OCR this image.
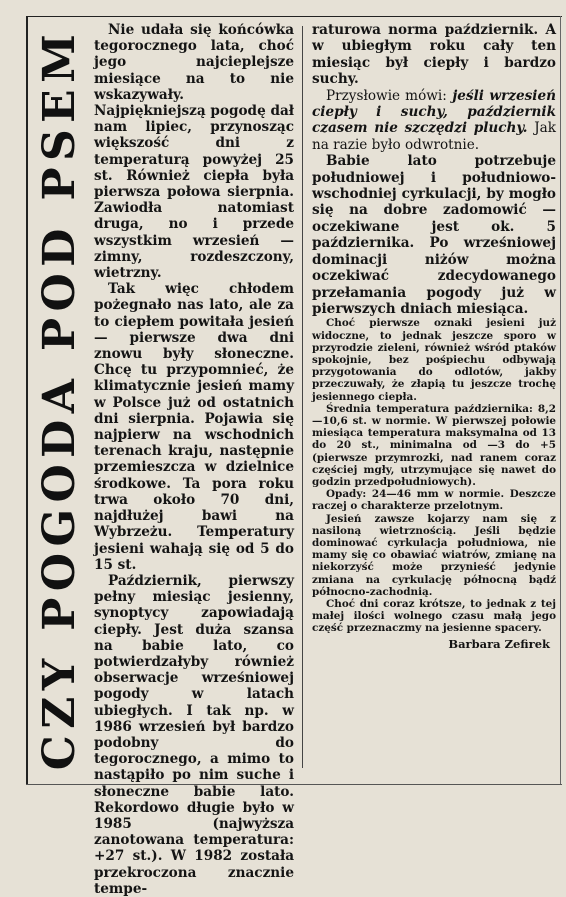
CZY POGODA POD PSEM	Nie udała się końcówka tegorocznego lata, choć jego najcieplejsze miesiące na to nie wskazywały. Najpiękniejszą pogodę dał nam lipiec, przynosząc większość dni z temperaturą powyżej 25 st. Również ciepła była pierwsza połowa sierpnia. Zawiodła natomiast druga, no i przede wszystkim wrzesień — zimny, rozdeszczony, wietrzny.

Tak więc chłodem pożegnało nas lato, ale za to ciepłem powitała jesień — pierwsze dwa dni znowu były słoneczne. Chcę tu przypomnieć, że klimatycznie jesień mamy w Polsce już od ostatnich dni sierpnia. Pojawia się najpierw na wschodnich terenach kraju, następnie przemieszcza w dzielnice środkowe. Ta pora roku trwa około 70 dni, najdłużej bawi na Wybrzeżu. Temperatury jesieni wahają się od 5 do 15 st.

Październik, pierwszy pełny miesiąc jesienny, synoptycy zapowiadają ciepły. Jest duża szansa na babie lato, co potwierdzałyby również obserwacje wrześniowej pogody w latach ubiegłych. I tak np. w 1986 wrzesień był bardzo podobny do tegorocznego, a mimo to nastąpiło po nim suche i słoneczne babie lato. Rekordowo długie było w 1985 (najwyższa zanotowana temperatura: +27 st.). W 1982 została przekroczona znacznie tempe-

raturowa norma październik. A w ubiegłym roku cały ten miesiąc był ciepły i bardzo suchy.

Przysłowie mówi: jeśli wrzesień ciepły i suchy, październik czasem nie szczędzi pluchy. Jak na razie było odwrotnie.

Babie lato potrzebuje południowej i południowo-wschodniej cyrkulacji, by mogło się na dobre zadomowić — oczekiwane jest ok. 5 października. Po wrześniowej dominacji niżów można oczekiwać zdecydowanego przełamania pogody już w pierwszych dniach miesiąca.

Choć pierwsze oznaki jesieni już widoczne, to jednak jeszcze sporo w przyrodzie zieleni, również wśród ptaków spokojnie, bez pośpiechu odbywają przygotowania do odlotów, jakby przeczuwały, że złapią tu jeszcze trochę jesiennego ciepła.

Średnia temperatura października: 8,2—10,6 st. w normie. W pierwszej połowie miesiąca temperatura maksymalna od 13 do 20 st., minimalna od —3 do +5 (pierwsze przymrozki, nad ranem coraz częściej mgły, utrzymujące się nawet do godzin przedpołudniowych).

Opady: 24—46 mm w normie. Deszcze raczej o charakterze przelotnym.

Jesień zawsze kojarzy nam się z nasiloną wietrznością. Jeśli będzie dominować cyrkulacja południowa, nie mamy się co obawiać wiatrów, zmianę na niekorzyść może przynieść jedynie zmiana na cyrkulację północną bądź północno-zachodnią.

Choć dni coraz krótsze, to jednak z tej małej ilości wolnego czasu małą jego część przeznaczmy na jesienne spacery.

Barbara Zefirek
